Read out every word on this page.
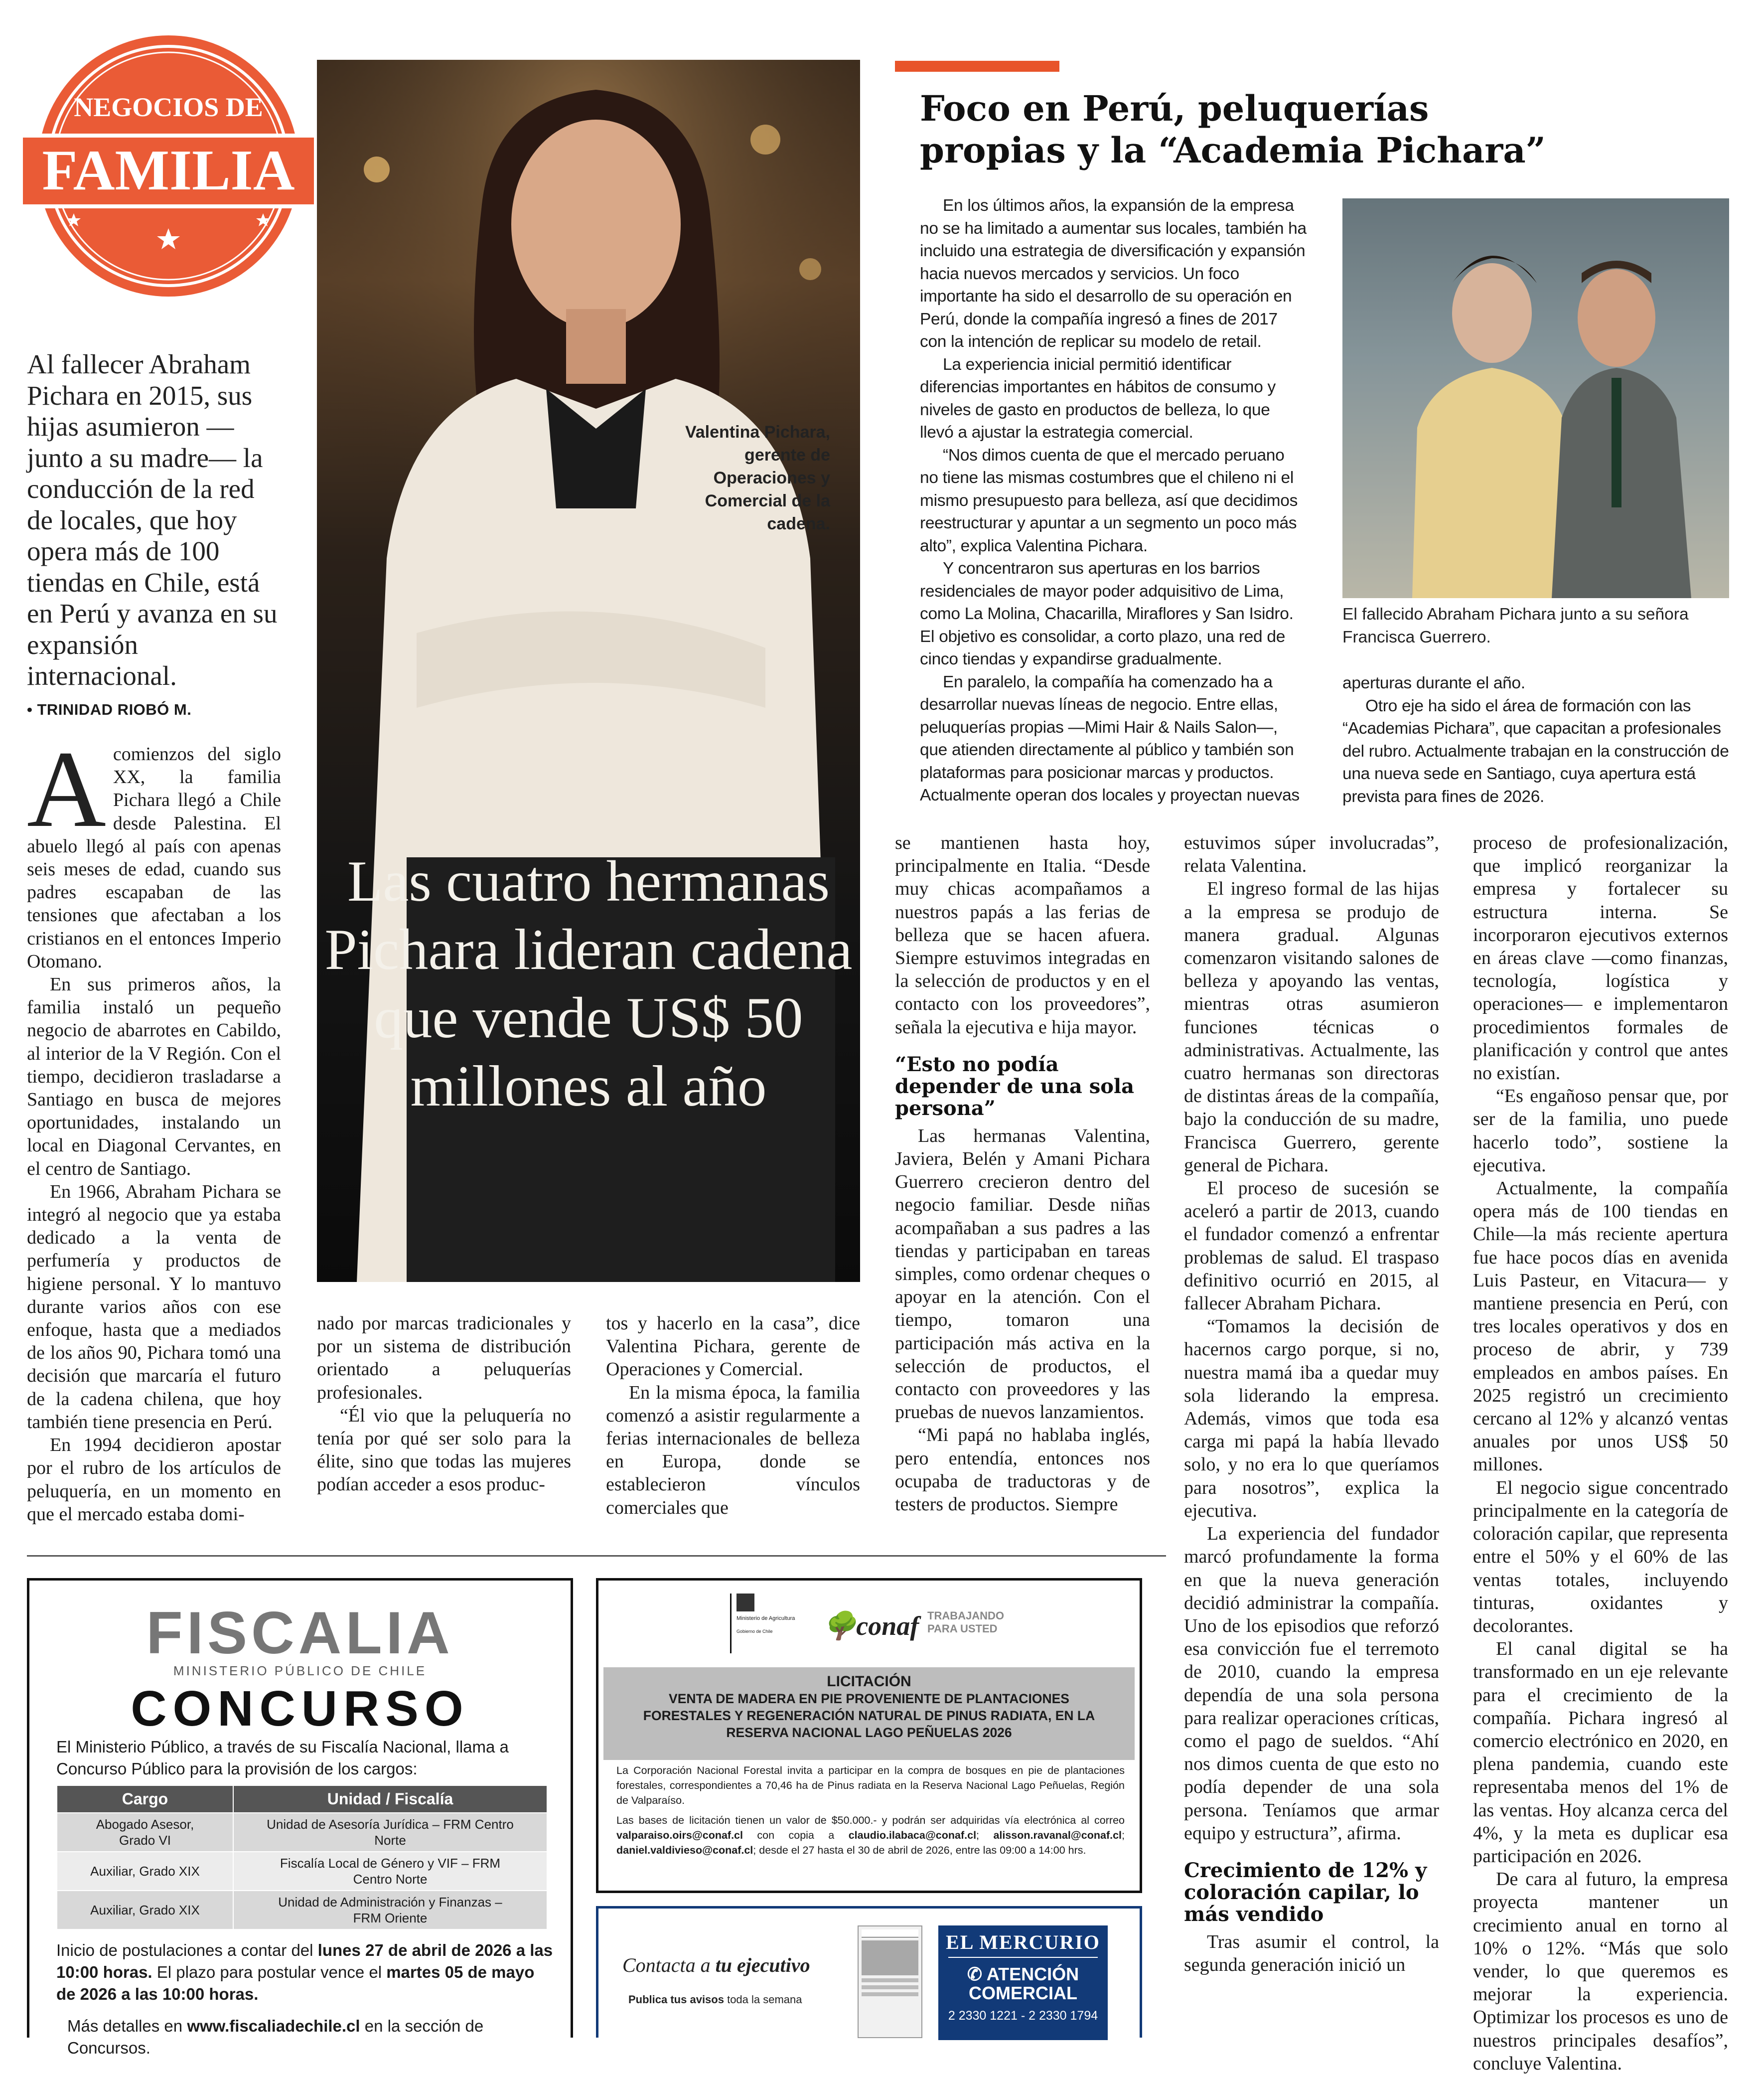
NEGOCIOS DE
FAMILIA
Al fallecer Abraham Pichara en 2015, sus hijas asumieron —junto a su madre— la conducción de la red de locales, que hoy opera más de 100 tiendas en Chile, está en Perú y avanza en su expansión internacional.
• TRINIDAD RIOBÓ M.
Valentina Pichara, gerente de Operaciones y Comercial de la cadena.
Las cuatro hermanas Pichara lideran cadena que vende US$ 50 millones al año
A comienzos del siglo XX, la familia Pichara llegó a Chile desde Palestina. El abuelo llegó al país con apenas seis meses de edad, cuando sus padres escapaban de las tensiones que afectaban a los cristianos en el entonces Imperio Otomano.

En sus primeros años, la familia instaló un pequeño negocio de abarrotes en Cabildo, al interior de la V Región. Con el tiempo, decidieron trasladarse a Santiago en busca de mejores oportunidades, instalando un local en Diagonal Cervantes, en el centro de Santiago.

En 1966, Abraham Pichara se integró al negocio que ya estaba dedicado a la venta de perfumería y productos de higiene personal. Y lo mantuvo durante varios años con ese enfoque, hasta que a mediados de los años 90, Pichara tomó una decisión que marcaría el futuro de la cadena chilena, que hoy también tiene presencia en Perú.

En 1994 decidieron apostar por el rubro de los artículos de peluquería, en un momento en que el mercado estaba domi-

nado por marcas tradicionales y por un sistema de distribución orientado a peluquerías profesionales.

“Él vio que la peluquería no tenía por qué ser solo para la élite, sino que todas las mujeres podían acceder a esos produc-

tos y hacerlo en la casa”, dice Valentina Pichara, gerente de Operaciones y Comercial.

En la misma época, la familia comenzó a asistir regularmente a ferias internacionales de belleza en Europa, donde se establecieron vínculos comerciales que

se mantienen hasta hoy, principalmente en Italia. “Desde muy chicas acompañamos a nuestros papás a las ferias de belleza que se hacen afuera. Siempre estuvimos integradas en la selección de productos y en el contacto con los proveedores”, señala la ejecutiva e hija mayor.

“Esto no podía depender de una sola persona”

Las hermanas Valentina, Javiera, Belén y Amani Pichara Guerrero crecieron dentro del negocio familiar. Desde niñas acompañaban a sus padres a las tiendas y participaban en tareas simples, como ordenar cheques o apoyar en la atención. Con el tiempo, tomaron una participación más activa en la selección de productos, el contacto con proveedores y las pruebas de nuevos lanzamientos.

“Mi papá no hablaba inglés, pero entendía, entonces nos ocupaba de traductoras y de testers de productos. Siempre

estuvimos súper involucradas”, relata Valentina.

El ingreso formal de las hijas a la empresa se produjo de manera gradual. Algunas comenzaron visitando salones de belleza y apoyando las ventas, mientras otras asumieron funciones técnicas o administrativas. Actualmente, las cuatro hermanas son directoras de distintas áreas de la compañía, bajo la conducción de su madre, Francisca Guerrero, gerente general de Pichara.

El proceso de sucesión se aceleró a partir de 2013, cuando el fundador comenzó a enfrentar problemas de salud. El traspaso definitivo ocurrió en 2015, al fallecer Abraham Pichara.

“Tomamos la decisión de hacernos cargo porque, si no, nuestra mamá iba a quedar muy sola liderando la empresa. Además, vimos que toda esa carga mi papá la había llevado solo, y no era lo que queríamos para nosotros”, explica la ejecutiva.

La experiencia del fundador marcó profundamente la forma en que la nueva generación decidió administrar la compañía. Uno de los episodios que reforzó esa convicción fue el terremoto de 2010, cuando la empresa dependía de una sola persona para realizar operaciones críticas, como el pago de sueldos. “Ahí nos dimos cuenta de que esto no podía depender de una sola persona. Teníamos que armar equipo y estructura”, afirma.

Crecimiento de 12% y coloración capilar, lo más vendido

Tras asumir el control, la segunda generación inició un

proceso de profesionalización, que implicó reorganizar la empresa y fortalecer su estructura interna. Se incorporaron ejecutivos externos en áreas clave —como finanzas, tecnología, logística y operaciones— e implementaron procedimientos formales de planificación y control que antes no existían.

“Es engañoso pensar que, por ser de la familia, uno puede hacerlo todo”, sostiene la ejecutiva.

Actualmente, la compañía opera más de 100 tiendas en Chile—la más reciente apertura fue hace pocos días en avenida Luis Pasteur, en Vitacura— y mantiene presencia en Perú, con tres locales operativos y dos en proceso de abrir, y 739 empleados en ambos países. En 2025 registró un crecimiento cercano al 12% y alcanzó ventas anuales por unos US$ 50 millones.

El negocio sigue concentrado principalmente en la categoría de coloración capilar, que representa entre el 50% y el 60% de las ventas totales, incluyendo tinturas, oxidantes y decolorantes.

El canal digital se ha transformado en un eje relevante para el crecimiento de la compañía. Pichara ingresó al comercio electrónico en 2020, en plena pandemia, cuando este representaba menos del 1% de las ventas. Hoy alcanza cerca del 4%, y la meta es duplicar esa participación en 2026.

De cara al futuro, la empresa proyecta mantener un crecimiento anual en torno al 10% o 12%. “Más que solo vender, lo que queremos es mejorar la experiencia. Optimizar los procesos es uno de nuestros principales desafíos”, concluye Valentina.

Foco en Perú, peluquerías propias y la “Academia Pichara”

En los últimos años, la expansión de la empresa no se ha limitado a aumentar sus locales, también ha incluido una estrategia de diversificación y expansión hacia nuevos mercados y servicios. Un foco importante ha sido el desarrollo de su operación en Perú, donde la compañía ingresó a fines de 2017 con la intención de replicar su modelo de retail.

La experiencia inicial permitió identificar diferencias importantes en hábitos de consumo y niveles de gasto en productos de belleza, lo que llevó a ajustar la estrategia comercial.

“Nos dimos cuenta de que el mercado peruano no tiene las mismas costumbres que el chileno ni el mismo presupuesto para belleza, así que decidimos reestructurar y apuntar a un segmento un poco más alto”, explica Valentina Pichara.

Y concentraron sus aperturas en los barrios residenciales de mayor poder adquisitivo de Lima, como La Molina, Chacarilla, Miraflores y San Isidro. El objetivo es consolidar, a corto plazo, una red de cinco tiendas y expandirse gradualmente.

En paralelo, la compañía ha comenzado ha a desarrollar nuevas líneas de negocio. Entre ellas, peluquerías propias —Mimi Hair & Nails Salon—, que atienden directamente al público y también son plataformas para posicionar marcas y productos. Actualmente operan dos locales y proyectan nuevas

El fallecido Abraham Pichara junto a su señora Francisca Guerrero.

aperturas durante el año.

Otro eje ha sido el área de formación con las “Academias Pichara”, que capacitan a profesionales del rubro. Actualmente trabajan en la construcción de una nueva sede en Santiago, cuya apertura está prevista para fines de 2026.

FISCALIA
MINISTERIO PÚBLICO DE CHILE
CONCURSO
El Ministerio Público, a través de su Fiscalía Nacional, llama a Concurso Público para la provisión de los cargos:
Cargo	Unidad / Fiscalía
Abogado Asesor, Grado VI	Unidad de Asesoría Jurídica – FRM Centro Norte
Auxiliar, Grado XIX	Fiscalía Local de Género y VIF – FRM Centro Norte
Auxiliar, Grado XIX	Unidad de Administración y Finanzas – FRM Oriente
Inicio de postulaciones a contar del lunes 27 de abril de 2026 a las 10:00 horas. El plazo para postular vence el martes 05 de mayo de 2026 a las 10:00 horas.
Más detalles en www.fiscaliadechile.cl en la sección de Concursos.
Ministerio de Agricultura
Gobierno de Chile	🌳conaf TRABAJANDO PARA USTED
LICITACIÓN
VENTA DE MADERA EN PIE PROVENIENTE DE PLANTACIONES FORESTALES Y REGENERACIÓN NATURAL DE PINUS RADIATA, EN LA RESERVA NACIONAL LAGO PEÑUELAS 2026
La Corporación Nacional Forestal invita a participar en la compra de bosques en pie de plantaciones forestales, correspondientes a 70,46 ha de Pinus radiata en la Reserva Nacional Lago Peñuelas, Región de Valparaíso.
Las bases de licitación tienen un valor de $50.000.- y podrán ser adquiridas vía electrónica al correo valparaiso.oirs@conaf.cl con copia a claudio.ilabaca@conaf.cl; alisson.ravanal@conaf.cl; daniel.valdivieso@conaf.cl; desde el 27 hasta el 30 de abril de 2026, entre las 09:00 a 14:00 hrs.
Contacta a tu ejecutivo
Publica tus avisos toda la semana
EL MERCURIO
✆ ATENCIÓN
COMERCIAL
2 2330 1221 - 2 2330 1794
